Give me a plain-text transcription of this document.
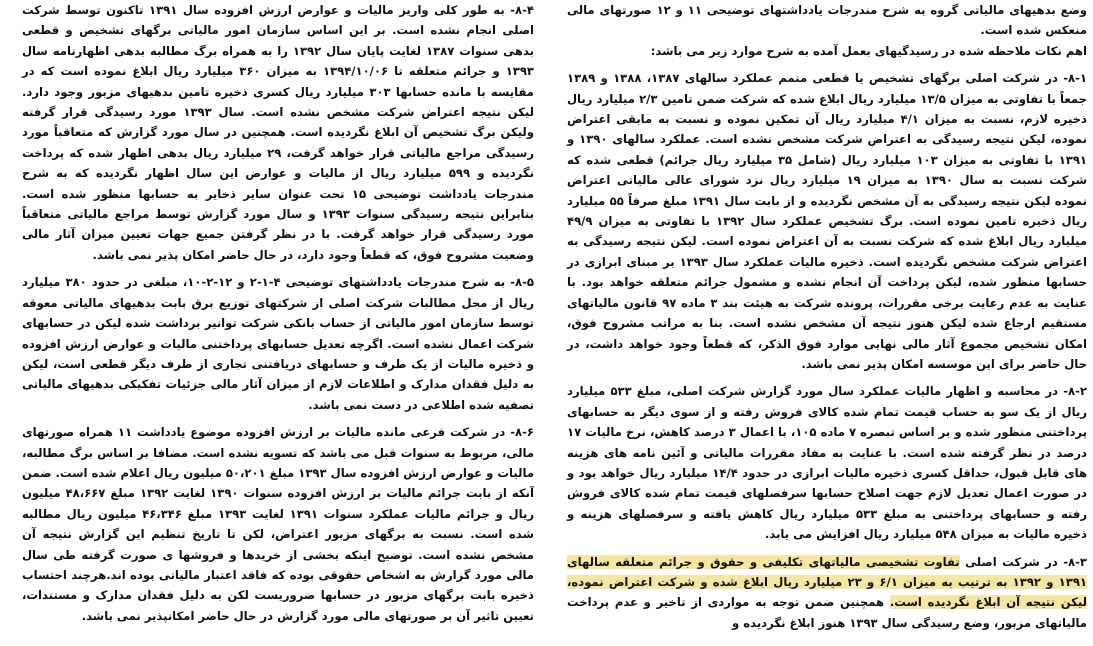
وضع بدهیهای مالیاتی گروه به شرح مندرجات یادداشتهای توضیحی ۱۱ و ۱۲ صورتهای مالی منعکس شده است.

اهم نکات ملاحظه شده در رسیدگیهای بعمل آمده به شرح موارد زیر می باشد:

۸-۱- در شرکت اصلی برگهای تشخیص یا قطعی متمم عملکرد سالهای ۱۳۸۷، ۱۳۸۸ و ۱۳۸۹ جمعاً با تفاوتی به میزان ۱۳/۵ میلیارد ریال ابلاغ شده که شرکت ضمن تامین ۲/۳ میلیارد ریال ذخیره لازم، نسبت به میزان ۴/۱ میلیارد ریال آن تمکین نموده و نسبت به مابقی اعتراض نموده، لیکن نتیجه رسیدگی به اعتراض شرکت مشخص نشده است. عملکرد سالهای ۱۳۹۰ و ۱۳۹۱ با تفاوتی به میزان ۱۰۳ میلیارد ریال (شامل ۳۵ میلیارد ریال جرائم) قطعی شده که شرکت نسبت به سال ۱۳۹۰ به میزان ۱۹ میلیارد ریال نزد شورای عالی مالیاتی اعتراض نموده لیکن نتیجه رسیدگی به آن مشخص نگردیده و از بابت سال ۱۳۹۱ مبلغ صرفاً ۵۵ میلیارد ریال ذخیره تامین نموده است. برگ تشخیص عملکرد سال ۱۳۹۲ با تفاوتی به میزان ۴۹/۹ میلیارد ریال ابلاغ شده که شرکت نسبت به آن اعتراض نموده است. لیکن نتیجه رسیدگی به اعتراض شرکت مشخص نگردیده است. ذخیره مالیات عملکرد سال ۱۳۹۳ بر مبنای ابرازی در حسابها منظور شده، لیکن پرداخت آن انجام نشده و مشمول جرائم متعلقه خواهد بود. با عنایت به عدم رعایت برخی مقررات، پرونده شرکت به هیئت بند ۳ ماده ۹۷ قانون مالیاتهای مستقیم ارجاع شده لیکن هنوز نتیجه آن مشخص نشده است. بنا به مراتب مشروح فوق، امکان تشخیص مجموع آثار مالی نهایی موارد فوق الذکر، که قطعاً وجود خواهد داشت، در حال حاضر برای این موسسه امکان پذیر نمی باشد.

۸-۲- در محاسبه و اظهار مالیات عملکرد سال مورد گزارش شرکت اصلی، مبلغ ۵۳۳ میلیارد ریال از یک سو به حساب قیمت تمام شده کالای فروش رفته و از سوی دیگر به حسابهای پرداختنی منظور شده و بر اساس تبصره ۷ ماده ۱۰۵، با اعمال ۳ درصد کاهش، نرخ مالیات ۱۷ درصد در نظر گرفته شده است. با عنایت به مفاد مقررات مالیاتی و آئین نامه های هزینه های قابل قبول، حداقل کسری ذخیره مالیات ابرازی در حدود ۱۴/۴ میلیارد ریال خواهد بود و در صورت اعمال تعدیل لازم جهت اصلاح حسابها سرفصلهای قیمت تمام شده کالای فروش رفته و حسابهای پرداختنی به مبلغ ۵۳۳ میلیارد ریال کاهش یافته و سرفصلهای هزینه و ذخیره مالیات به میزان ۵۴۸ میلیارد ریال افزایش می یابد.

۸-۳- در شرکت اصلی تفاوت تشخیصی مالیاتهای تکلیفی و حقوق و جرائم متعلقه سالهای ۱۳۹۱ و ۱۳۹۲ به ترتیب به میزان ۶/۱ و ۲۳ میلیارد ریال ابلاغ شده و شرکت اعتراض نموده، لیکن نتیجه آن ابلاغ نگردیده است. همچنین ضمن توجه به مواردی از تاخیر و عدم پرداخت مالیاتهای مزبور، وضع رسیدگی سال ۱۳۹۳ هنوز ابلاغ نگردیده و

۸-۴- به طور کلی واریز مالیات و عوارض ارزش افزوده سال ۱۳۹۱ تاکنون توسط شرکت اصلی انجام نشده است. بر این اساس سازمان امور مالیاتی برگهای تشخیص و قطعی بدهی سنوات ۱۳۸۷ لغایت پایان سال ۱۳۹۲ را به همراه برگ مطالبه بدهی اظهارنامه سال ۱۳۹۳ و جرائم متعلقه تا ۱۳۹۴/۱۰/۰۶ به میزان ۳۶۰ میلیارد ریال ابلاغ نموده است که در مقایسه با مانده حسابها ۳۰۳ میلیارد ریال کسری ذخیره تامین بدهیهای مزبور وجود دارد. لیکن نتیجه اعتراض شرکت مشخص نشده است. سال ۱۳۹۳ مورد رسیدگی قرار گرفته ولیکن برگ تشخیص آن ابلاغ نگردیده است. همچنین در سال مورد گزارش که متعاقباً مورد رسیدگی مراجع مالیاتی قرار خواهد گرفت، ۲۹ میلیارد ریال بدهی اظهار شده که پرداخت نگردیده و ۵۹۹ میلیارد ریال از مالیات و عوارض این سال اظهار نگردیده که به شرح مندرجات یادداشت توضیحی ۱۵ تحت عنوان سایر ذخایر به حسابها منظور شده است. بنابراین نتیجه رسیدگی سنوات ۱۳۹۳ و سال مورد گزارش توسط مراجع مالیاتی متعاقباً مورد رسیدگی قرار خواهد گرفت. با در نظر گرفتن جمیع جهات تعیین میزان آثار مالی وضعیت مشروح فوق، که قطعاً وجود دارد، در حال حاضر امکان پذیر نمی باشد.

۸-۵- به شرح مندرجات یادداشتهای توضیحی ۴-۱-۲ و ۱۲-۲-۱۰، مبلغی در حدود ۳۸۰ میلیارد ریال از محل مطالبات شرکت اصلی از شرکتهای توزیع برق بابت بدهیهای مالیاتی معوقه توسط سازمان امور مالیاتی از حساب بانکی شرکت توانیر برداشت شده لیکن در حسابهای شرکت اعمال نشده است. اگرچه تعدیل حسابهای پرداختنی مالیات و عوارض ارزش افزوده و ذخیره مالیات از یک طرف و حسابهای دریافتنی تجاری از طرف دیگر قطعی است، لیکن به دلیل فقدان مدارک و اطلاعات لازم از میزان آثار مالی جزئیات تفکیکی بدهیهای مالیاتی تصفیه شده اطلاعی در دست نمی باشد.

۸-۶- در شرکت فرعی مانده مالیات بر ارزش افزوده موضوع یادداشت ۱۱ همراه صورتهای مالی، مربوط به سنوات قبل می باشد که تسویه نشده است. مضافا بر اساس برگ مطالبه، مالیات و عوارض ارزش افزوده سال ۱۳۹۳ مبلغ ۵۰،۲۰۱ میلیون ریال اعلام شده است. ضمن آنکه از بابت جرائم مالیات بر ارزش افزوده سنوات ۱۳۹۰ لغایت ۱۳۹۲ مبلغ ۴۸،۶۶۷ میلیون ریال و جرائم مالیات عملکرد سنوات ۱۳۹۱ لغایت ۱۳۹۳ مبلغ ۴۶،۳۴۶ میلیون ریال مطالبه شده است. نسبت به برگهای مزبور اعتراض، لکن تا تاریخ تنظیم این گزارش نتیجه آن مشخص نشده است. توضیح اینکه بخشی از خریدها و فروشها ی صورت گرفته طی سال مالی مورد گزارش به اشخاص حقوقی بوده که فاقد اعتبار مالیاتی بوده اند.هرچند احتساب ذخیره بابت برگهای مزبور در حسابها ضروریست لکن به دلیل فقدان مدارک و مستندات، تعیین تاثیر آن بر صورتهای مالی مورد گزارش در حال حاضر امکانپذیر نمی باشد.
